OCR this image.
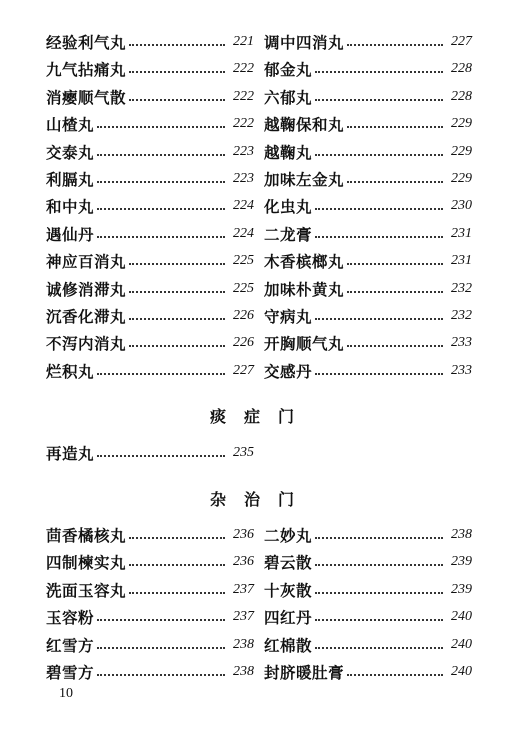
经验利气丸	221
九气拈痛丸	222
消瘿顺气散	222
山楂丸	222
交泰丸	223
利膈丸	223
和中丸	224
遇仙丹	224
神应百消丸	225
诚修消滞丸	225
沉香化滞丸	226
不泻内消丸	226
烂积丸	227
调中四消丸	227
郁金丸	228
六郁丸	228
越鞠保和丸	229
越鞠丸	229
加味左金丸	229
化虫丸	230
二龙膏	231
木香槟榔丸	231
加味朴黄丸	232
守病丸	232
开胸顺气丸	233
交感丹	233
痰症门
再造丸	235
杂治门
茴香橘核丸	236
四制楝实丸	236
洗面玉容丸	237
玉容粉	237
红雪方	238
碧雪方	238
二妙丸	238
碧云散	239
十灰散	239
四红丹	240
红棉散	240
封脐暖肚膏	240
10
